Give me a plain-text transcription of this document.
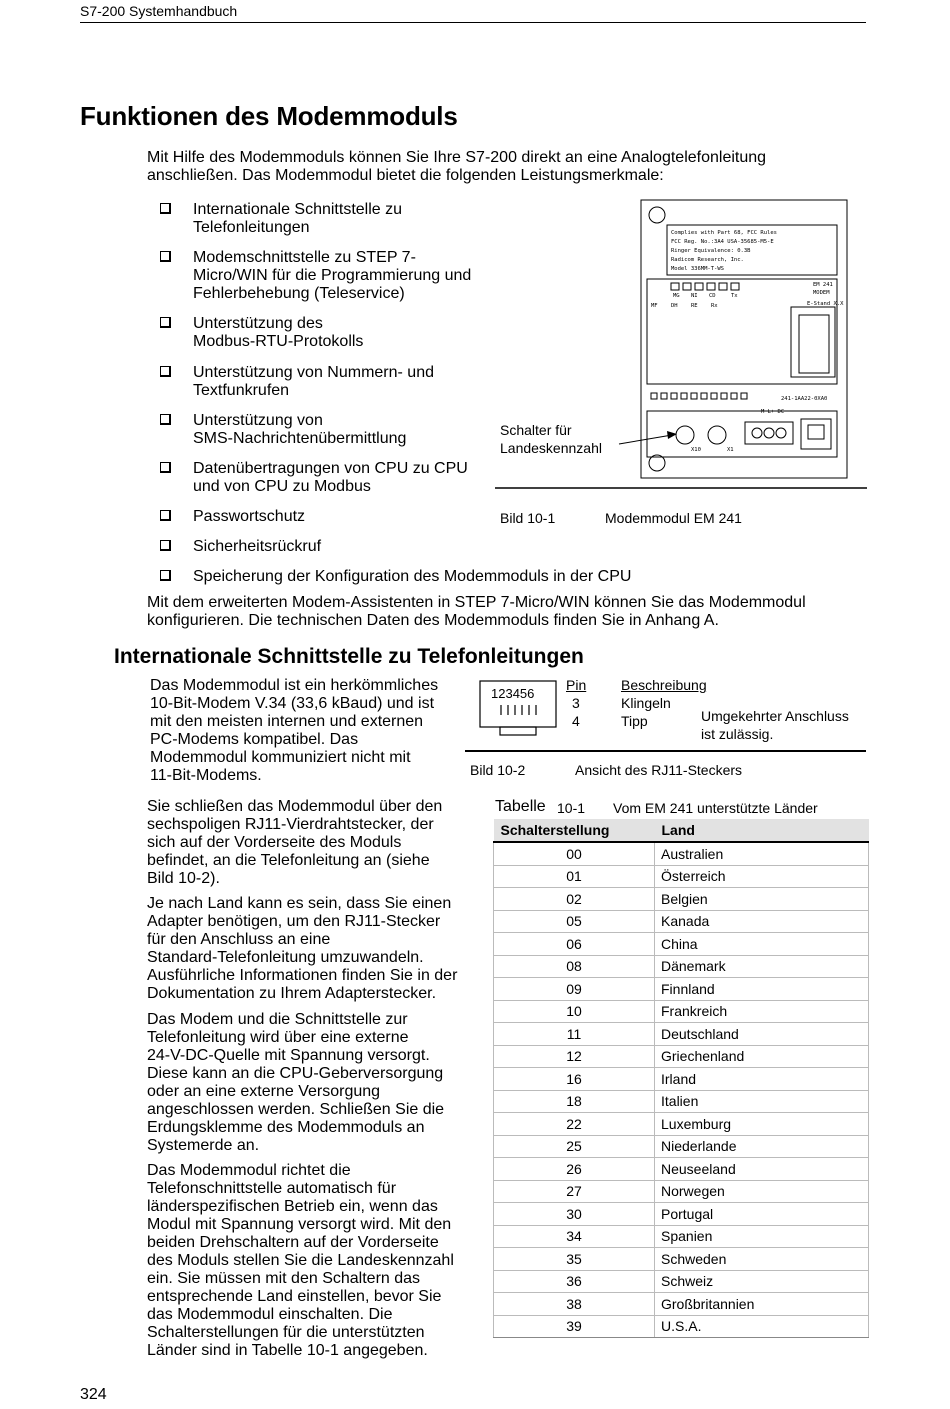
S7-200 Systemhandbuch
Funktionen des Modemmoduls
Mit Hilfe des Modemmoduls können Sie Ihre S7-200 direkt an eine Analogtelefonleitung
anschließen. Das Modemmodul bietet die folgenden Leistungsmerkmale:
Internationale Schnittstelle zu
Telefonleitungen
Modemschnittstelle zu STEP 7-
Micro/WIN für die Programmierung und
Fehlerbehebung (Teleservice)
Unterstützung des
Modbus-RTU-Protokolls
Unterstützung von Nummern- und
Textfunkrufen
Unterstützung von
SMS-Nachrichtenübermittlung
Datenübertragungen von CPU zu CPU
und von CPU zu Modbus
Passwortschutz
Sicherheitsrückruf
Speicherung der Konfiguration des Modemmoduls in der CPU
Mit dem erweiterten Modem-Assistenten in STEP 7-Micro/WIN können Sie das Modemmodul
konfigurieren. Die technischen Daten des Modemmoduls finden Sie in Anhang A.
Complies with Part 68, FCC Rules
FCC Reg. No.:3A4 USA-35685-M5-E
Ringer Equivalence: 0.3B
Radicom Research, Inc.
Model 336MM-T-WS
EM 241
MODEM
E-Stand X.X
MG NI CD	Tx
MF DH RE Rx
241-1AA22-0XA0
M L+ DC
X10	X1
Schalter für
Landeskennzahl
Bild 10-1	Modemmodul EM 241
Internationale Schnittstelle zu Telefonleitungen
Das Modemmodul ist ein herkömmliches
10-Bit-Modem V.34 (33,6 kBaud) und ist
mit den meisten internen und externen
PC-Modems kompatibel. Das
Modemmodul kommuniziert nicht mit
11-Bit-Modems.
123456
Pin Beschreibung
3	Klingeln
4	Tipp	Umgekehrter Anschluss
ist zulässig.
Bild 10-2	Ansicht des RJ11-Steckers
Sie schließen das Modemmodul über den
sechspoligen RJ11-Vierdrahtstecker, der
sich auf der Vorderseite des Moduls
befindet, an die Telefonleitung an (siehe
Bild 10-2).
Je nach Land kann es sein, dass Sie einen
Adapter benötigen, um den RJ11-Stecker
für den Anschluss an eine
Standard-Telefonleitung umzuwandeln.
Ausführliche Informationen finden Sie in der
Dokumentation zu Ihrem Adapterstecker.
Das Modem und die Schnittstelle zur
Telefonleitung wird über eine externe
24-V-DC-Quelle mit Spannung versorgt.
Diese kann an die CPU-Geberversorgung
oder an eine externe Versorgung
angeschlossen werden. Schließen Sie die
Erdungsklemme des Modemmoduls an
Systemerde an.
Das Modemmodul richtet die
Telefonschnittstelle automatisch für
länderspezifischen Betrieb ein, wenn das
Modul mit Spannung versorgt wird. Mit den
beiden Drehschaltern auf der Vorderseite
des Moduls stellen Sie die Landeskennzahl
ein. Sie müssen mit den Schaltern das
entsprechende Land einstellen, bevor Sie
das Modemmodul einschalten. Die
Schalterstellungen für die unterstützten
Länder sind in Tabelle 10-1 angegeben.
Tabelle 10-1 Vom EM 241 unterstützte Länder
Schalterstellung	Land
00	Australien
01	Österreich
02	Belgien
05	Kanada
06	China
08	Dänemark
09	Finnland
10	Frankreich
11	Deutschland
12	Griechenland
16	Irland
18	Italien
22	Luxemburg
25	Niederlande
26	Neuseeland
27	Norwegen
30	Portugal
34	Spanien
35	Schweden
36	Schweiz
38	Großbritannien
39	U.S.A.
324
